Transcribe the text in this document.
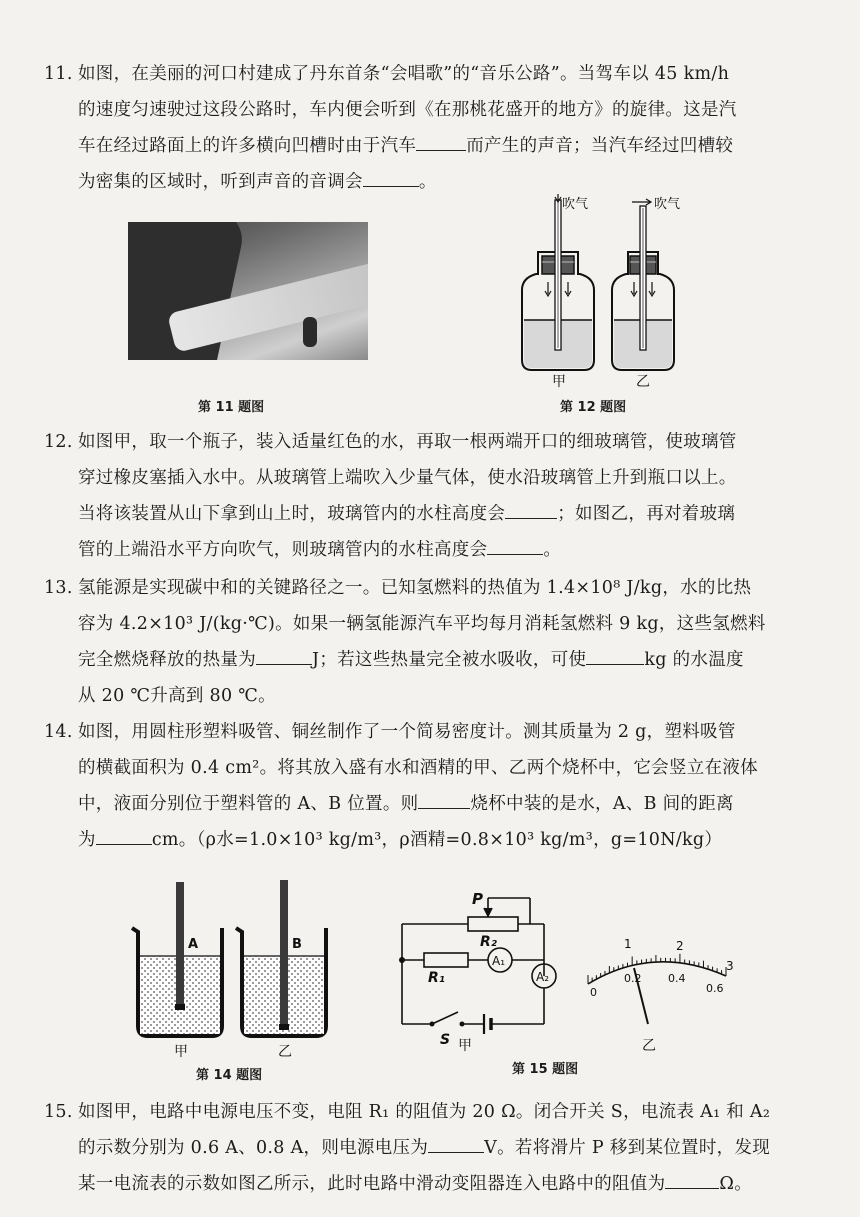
11. 如图，在美丽的河口村建成了丹东首条“会唱歌”的“音乐公路”。当驾车以 45 km/h

的速度匀速驶过这段公路时，车内便会听到《在那桃花盛开的地方》的旋律。这是汽

车在经过路面上的许多横向凹槽时由于汽车	而产生的声音；当汽车经过凹槽较

为密集的区域时，听到声音的音调会	。

第 11 题图
吹气	吹气
甲	乙
第 12 题图

12. 如图甲，取一个瓶子，装入适量红色的水，再取一根两端开口的细玻璃管，使玻璃管

穿过橡皮塞插入水中。从玻璃管上端吹入少量气体，使水沿玻璃管上升到瓶口以上。

当将该装置从山下拿到山上时，玻璃管内的水柱高度会	；如图乙，再对着玻璃

管的上端沿水平方向吹气，则玻璃管内的水柱高度会	。

13. 氢能源是实现碳中和的关键路径之一。已知氢燃料的热值为 1.4×10⁸ J/kg，水的比热

容为 4.2×10³ J/(kg·℃)。如果一辆氢能源汽车平均每月消耗氢燃料 9 kg，这些氢燃料

完全燃烧释放的热量为	J；若这些热量完全被水吸收，可使	kg 的水温度

从 20 ℃升高到 80 ℃。

14. 如图，用圆柱形塑料吸管、铜丝制作了一个简易密度计。测其质量为 2 g，塑料吸管

的横截面积为 0.4 cm²。将其放入盛有水和酒精的甲、乙两个烧杯中，它会竖立在液体

中，液面分别位于塑料管的 A、B 位置。则	烧杯中装的是水，A、B 间的距离

为	cm。（ρ水=1.0×10³ kg/m³，ρ酒精=0.8×10³ kg/m³，g=10N/kg）

A	B
甲	乙
第 14 题图
P
R₂
R₁
A₁
A₂
S 甲
1	2
3
0
0.2 0.4
0.6
乙
第 15 题图

15. 如图甲，电路中电源电压不变，电阻 R₁ 的阻值为 20 Ω。闭合开关 S，电流表 A₁ 和 A₂

的示数分别为 0.6 A、0.8 A，则电源电压为	V。若将滑片 P 移到某位置时，发现

某一电流表的示数如图乙所示，此时电路中滑动变阻器连入电路中的阻值为	Ω。
